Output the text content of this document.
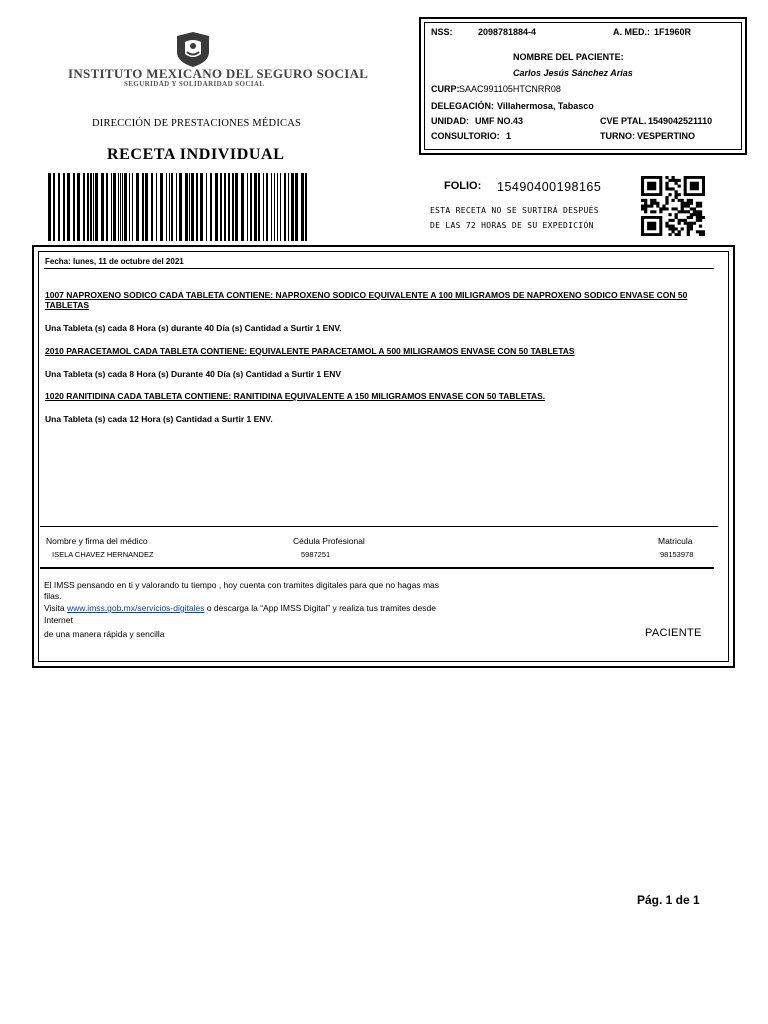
INSTITUTO MEXICANO DEL SEGURO SOCIAL
SEGURIDAD Y SOLIDARIDAD SOCIAL
DIRECCIÓN DE PRESTACIONES MÉDICAS
RECETA INDIVIDUAL
NSS:	2098781884-4	A. MED.: 1F1960R
NOMBRE DEL PACIENTE:
Carlos Jesús Sánchez Arias
CURP: SAAC991105HTCNRR08
DELEGACIÓN: Villahermosa, Tabasco
UNIDAD: UMF NO.43	CVE PTAL. 1549042521110
CONSULTORIO: 1	TURNO: VESPERTINO
FOLIO: 15490400198165
ESTA RECETA NO SE SURTIRÁ DESPUÉS
DE LAS 72 HORAS DE SU EXPEDICIÓN
Fecha: lunes, 11 de octubre del 2021
1007 NAPROXENO SODICO CADA TABLETA CONTIENE: NAPROXENO SODICO EQUIVALENTE A 100 MILIGRAMOS DE NAPROXENO SODICO ENVASE CON 50 TABLETAS
Una Tableta (s) cada 8 Hora (s) durante 40 Día (s) Cantidad a Surtir 1 ENV.
2010 PARACETAMOL CADA TABLETA CONTIENE: EQUIVALENTE PARACETAMOL A 500 MILIGRAMOS ENVASE CON 50 TABLETAS
Una Tableta (s) cada 8 Hora (s) Durante 40 Día (s) Cantidad a Surtir 1 ENV
1020 RANITIDINA CADA TABLETA CONTIENE: RANITIDINA EQUIVALENTE A 150 MILIGRAMOS ENVASE CON 50 TABLETAS.
Una Tableta (s) cada 12 Hora (s) Cantidad a Surtir 1 ENV.
Nombre y firma del médico	Cédula Profesional	Matricula
ISELA CHAVEZ HERNANDEZ	5987251	98153978
El IMSS pensando en ti y valorando tu tiempo , hoy cuenta con tramites digitales para que no hagas mas
filas.
Visita www.imss.gob.mx/servicios-digitales o descarga la “App IMSS Digital” y realiza tus tramites desde
Internet
de una manera rápida y sencilla	PACIENTE
Pág. 1 de 1
